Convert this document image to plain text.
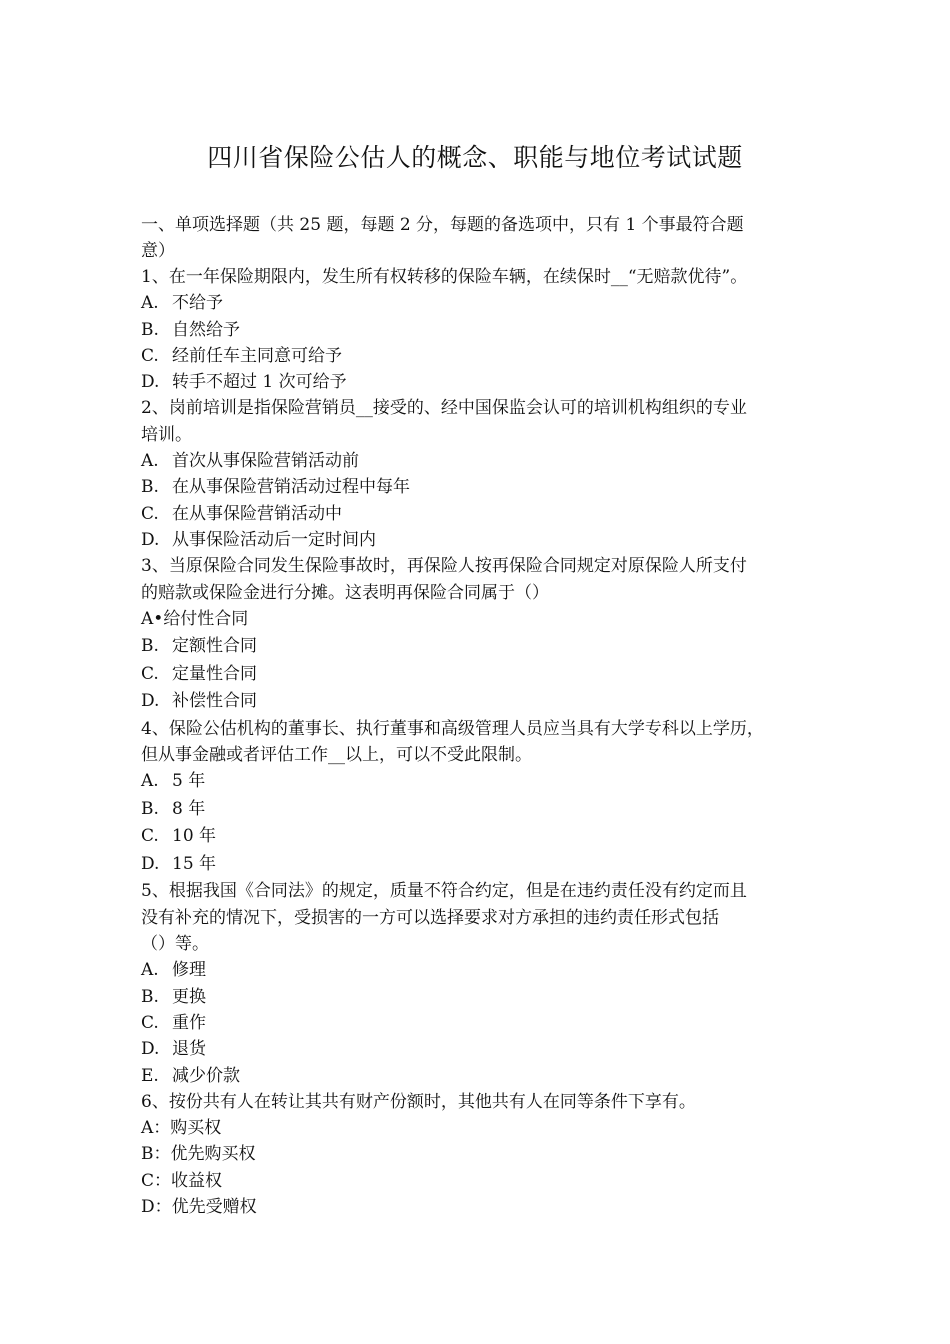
四川省保险公估人的概念、职能与地位考试试题
一、单项选择题（共 25 题，每题 2 分，每题的备选项中，只有 1 个事最符合题
意）
1、在一年保险期限内，发生所有权转移的保险车辆，在续保时__“无赔款优待”。
A. 不给予
B. 自然给予
C. 经前任车主同意可给予
D. 转手不超过 1 次可给予
2、岗前培训是指保险营销员__接受的、经中国保监会认可的培训机构组织的专业
培训。
A. 首次从事保险营销活动前
B. 在从事保险营销活动过程中每年
C. 在从事保险营销活动中
D. 从事保险活动后一定时间内
3、当原保险合同发生保险事故时，再保险人按再保险合同规定对原保险人所支付
的赔款或保险金进行分摊。这表明再保险合同属于（）
A•给付性合同
B. 定额性合同
C. 定量性合同
D. 补偿性合同
4、保险公估机构的董事长、执行董事和高级管理人员应当具有大学专科以上学历，
但从事金融或者评估工作__以上，可以不受此限制。
A. 5 年
B. 8 年
C. 10 年
D. 15 年
5、根据我国《合同法》的规定，质量不符合约定，但是在违约责任没有约定而且
没有补充的情况下，受损害的一方可以选择要求对方承担的违约责任形式包括
（）等。
A. 修理
B. 更换
C. 重作
D. 退货
E. 减少价款
6、按份共有人在转让其共有财产份额时，其他共有人在同等条件下享有。
A：购买权
B：优先购买权
C：收益权
D：优先受赠权
